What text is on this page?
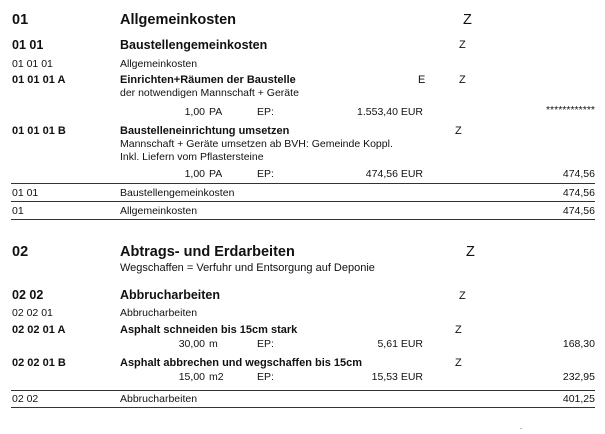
01	Allgemeinkosten	Z
01 01	Baustellengemeinkosten	Z
01 01 01	Allgemeinkosten
01 01 01 A	Einrichten+Räumen der Baustelle	E	Z
der notwendigen Mannschaft + Geräte
1,00 PA	EP:	1.553,40 EUR	************
01 01 01 B	Baustelleneinrichtung umsetzen	Z
Mannschaft + Geräte umsetzen ab BVH: Gemeinde Koppl.
Inkl. Liefern vom Pflastersteine
1,00 PA	EP:	474,56 EUR	474,56
01 01	Baustellengemeinkosten	474,56
01	Allgemeinkosten	474,56
02	Abtrags- und Erdarbeiten	Z
Wegschaffen = Verfuhr und Entsorgung auf Deponie
02 02	Abbrucharbeiten	Z
02 02 01	Abbrucharbeiten
02 02 01 A	Asphalt schneiden bis 15cm stark	Z
30,00 m	EP:	5,61 EUR	168,30
02 02 01 B	Asphalt abbrechen und wegschaffen bis 15cm	Z
15,00 m2	EP:	15,53 EUR	232,95
02 02	Abbrucharbeiten	401,25
